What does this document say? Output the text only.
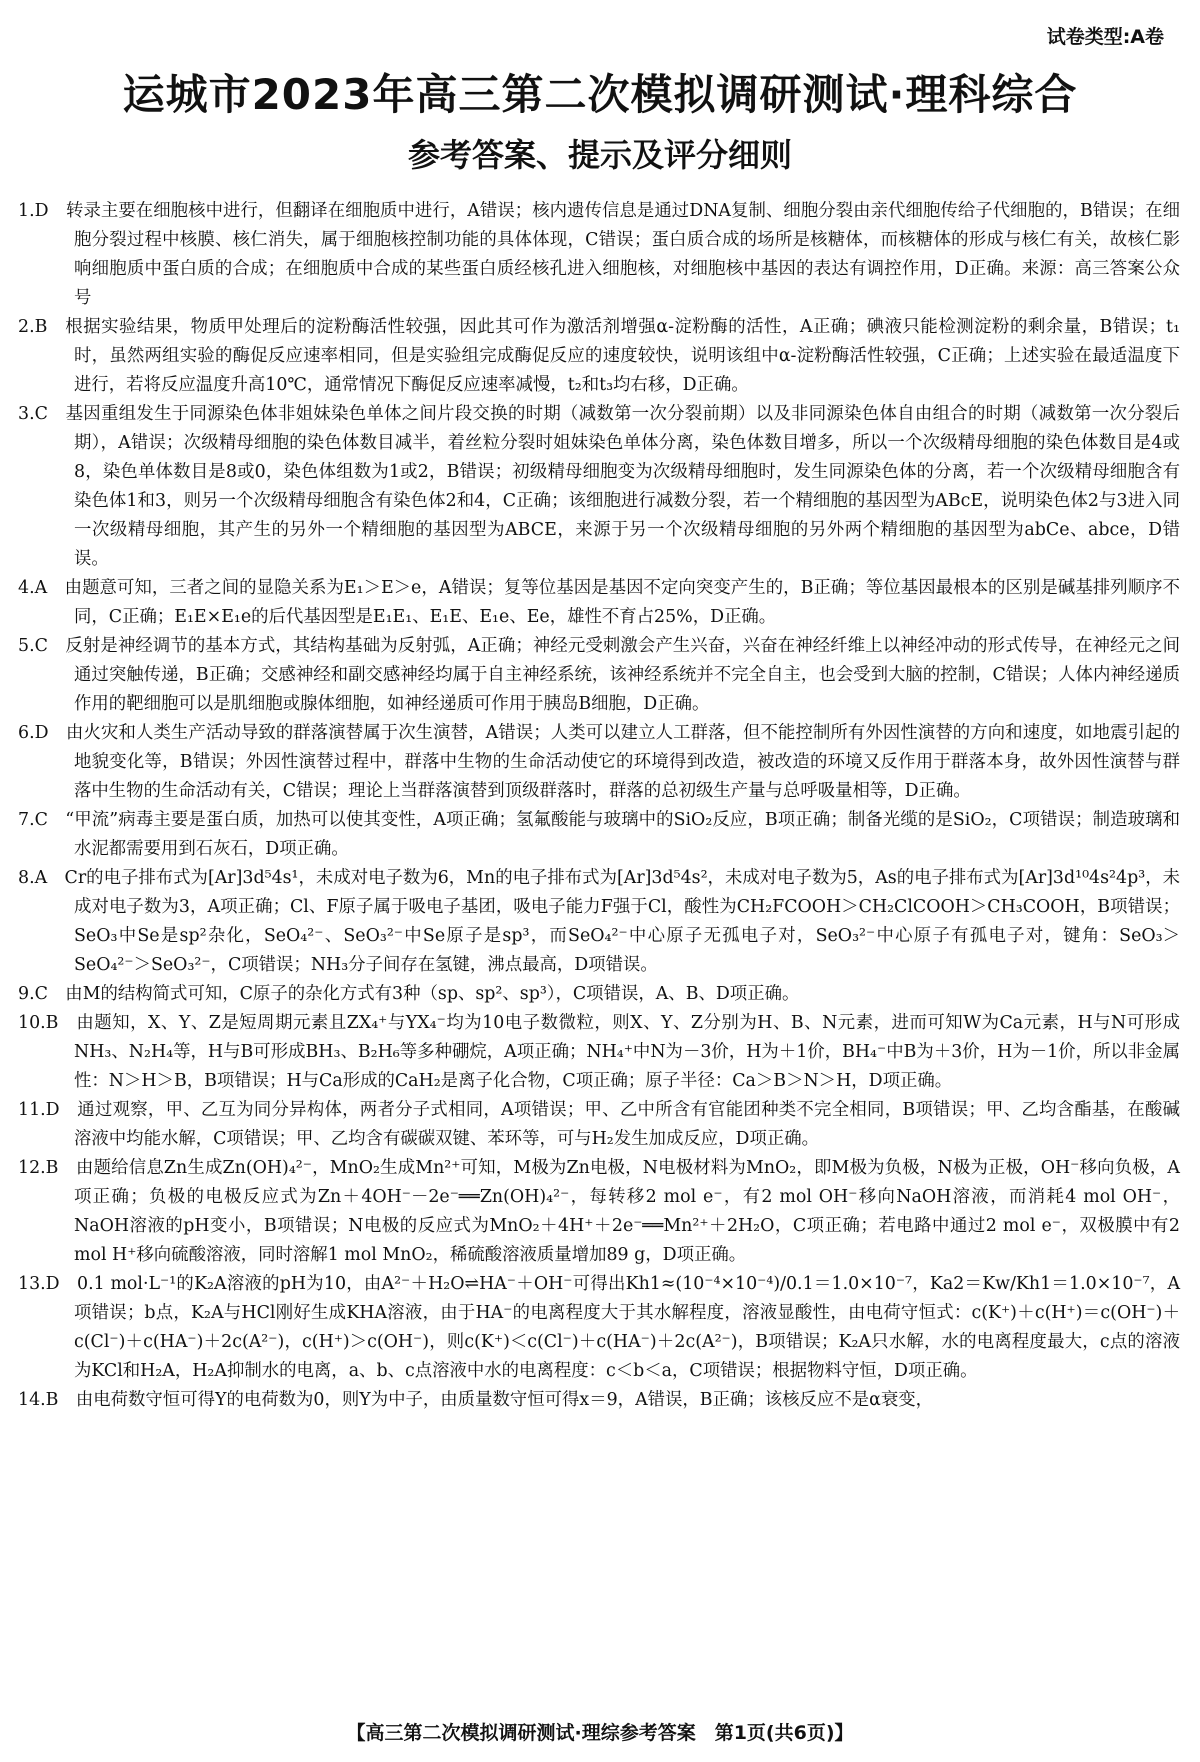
试卷类型:A卷
运城市2023年高三第二次模拟调研测试·理科综合
参考答案、提示及评分细则

1.D  转录主要在细胞核中进行，但翻译在细胞质中进行，A错误；核内遗传信息是通过DNA复制、细胞分裂由亲代细胞传给子代细胞的，B错误；在细胞分裂过程中核膜、核仁消失，属于细胞核控制功能的具体体现，C错误；蛋白质合成的场所是核糖体，而核糖体的形成与核仁有关，故核仁影响细胞质中蛋白质的合成；在细胞质中合成的某些蛋白质经核孔进入细胞核，对细胞核中基因的表达有调控作用，D正确。来源：高三答案公众号

2.B  根据实验结果，物质甲处理后的淀粉酶活性较强，因此其可作为激活剂增强α-淀粉酶的活性，A正确；碘液只能检测淀粉的剩余量，B错误；t₁时，虽然两组实验的酶促反应速率相同，但是实验组完成酶促反应的速度较快，说明该组中α-淀粉酶活性较强，C正确；上述实验在最适温度下进行，若将反应温度升高10℃，通常情况下酶促反应速率减慢，t₂和t₃均右移，D正确。

3.C  基因重组发生于同源染色体非姐妹染色单体之间片段交换的时期（减数第一次分裂前期）以及非同源染色体自由组合的时期（减数第一次分裂后期），A错误；次级精母细胞的染色体数目减半，着丝粒分裂时姐妹染色单体分离，染色体数目增多，所以一个次级精母细胞的染色体数目是4或8，染色单体数目是8或0，染色体组数为1或2，B错误；初级精母细胞变为次级精母细胞时，发生同源染色体的分离，若一个次级精母细胞含有染色体1和3，则另一个次级精母细胞含有染色体2和4，C正确；该细胞进行减数分裂，若一个精细胞的基因型为ABcE，说明染色体2与3进入同一次级精母细胞，其产生的另外一个精细胞的基因型为ABCE，来源于另一个次级精母细胞的另外两个精细胞的基因型为abCe、abce，D错误。

4.A  由题意可知，三者之间的显隐关系为E₁＞E＞e，A错误；复等位基因是基因不定向突变产生的，B正确；等位基因最根本的区别是碱基排列顺序不同，C正确；E₁E×E₁e的后代基因型是E₁E₁、E₁E、E₁e、Ee，雄性不育占25%，D正确。

5.C  反射是神经调节的基本方式，其结构基础为反射弧，A正确；神经元受刺激会产生兴奋，兴奋在神经纤维上以神经冲动的形式传导，在神经元之间通过突触传递，B正确；交感神经和副交感神经均属于自主神经系统，该神经系统并不完全自主，也会受到大脑的控制，C错误；人体内神经递质作用的靶细胞可以是肌细胞或腺体细胞，如神经递质可作用于胰岛B细胞，D正确。

6.D  由火灾和人类生产活动导致的群落演替属于次生演替，A错误；人类可以建立人工群落，但不能控制所有外因性演替的方向和速度，如地震引起的地貌变化等，B错误；外因性演替过程中，群落中生物的生命活动使它的环境得到改造，被改造的环境又反作用于群落本身，故外因性演替与群落中生物的生命活动有关，C错误；理论上当群落演替到顶级群落时，群落的总初级生产量与总呼吸量相等，D正确。

7.C  “甲流”病毒主要是蛋白质，加热可以使其变性，A项正确；氢氟酸能与玻璃中的SiO₂反应，B项正确；制备光缆的是SiO₂，C项错误；制造玻璃和水泥都需要用到石灰石，D项正确。

8.A  Cr的电子排布式为[Ar]3d⁵4s¹，未成对电子数为6，Mn的电子排布式为[Ar]3d⁵4s²，未成对电子数为5，As的电子排布式为[Ar]3d¹⁰4s²4p³，未成对电子数为3，A项正确；Cl、F原子属于吸电子基团，吸电子能力F强于Cl，酸性为CH₂FCOOH＞CH₂ClCOOH＞CH₃COOH，B项错误；SeO₃中Se是sp²杂化，SeO₄²⁻、SeO₃²⁻中Se原子是sp³，而SeO₄²⁻中心原子无孤电子对，SeO₃²⁻中心原子有孤电子对，键角：SeO₃＞SeO₄²⁻＞SeO₃²⁻，C项错误；NH₃分子间存在氢键，沸点最高，D项错误。

9.C  由M的结构简式可知，C原子的杂化方式有3种（sp、sp²、sp³），C项错误，A、B、D项正确。

10.B  由题知，X、Y、Z是短周期元素且ZX₄⁺与YX₄⁻均为10电子数微粒，则X、Y、Z分别为H、B、N元素，进而可知W为Ca元素，H与N可形成NH₃、N₂H₄等，H与B可形成BH₃、B₂H₆等多种硼烷，A项正确；NH₄⁺中N为－3价，H为＋1价，BH₄⁻中B为＋3价，H为－1价，所以非金属性：N＞H＞B，B项错误；H与Ca形成的CaH₂是离子化合物，C项正确；原子半径：Ca＞B＞N＞H，D项正确。

11.D  通过观察，甲、乙互为同分异构体，两者分子式相同，A项错误；甲、乙中所含有官能团种类不完全相同，B项错误；甲、乙均含酯基，在酸碱溶液中均能水解，C项错误；甲、乙均含有碳碳双键、苯环等，可与H₂发生加成反应，D项正确。

12.B  由题给信息Zn生成Zn(OH)₄²⁻，MnO₂生成Mn²⁺可知，M极为Zn电极，N电极材料为MnO₂，即M极为负极，N极为正极，OH⁻移向负极，A项正确；负极的电极反应式为Zn＋4OH⁻－2e⁻══Zn(OH)₄²⁻，每转移2 mol e⁻，有2 mol OH⁻移向NaOH溶液，而消耗4 mol OH⁻，NaOH溶液的pH变小，B项错误；N电极的反应式为MnO₂＋4H⁺＋2e⁻══Mn²⁺＋2H₂O，C项正确；若电路中通过2 mol e⁻，双极膜中有2 mol H⁺移向硫酸溶液，同时溶解1 mol MnO₂，稀硫酸溶液质量增加89 g，D项正确。

13.D  0.1 mol·L⁻¹的K₂A溶液的pH为10，由A²⁻＋H₂O⇌HA⁻＋OH⁻可得出Kh1≈(10⁻⁴×10⁻⁴)/0.1＝1.0×10⁻⁷，Ka2＝Kw/Kh1＝1.0×10⁻⁷，A项错误；b点，K₂A与HCl刚好生成KHA溶液，由于HA⁻的电离程度大于其水解程度，溶液显酸性，由电荷守恒式：c(K⁺)＋c(H⁺)＝c(OH⁻)＋c(Cl⁻)＋c(HA⁻)＋2c(A²⁻)，c(H⁺)＞c(OH⁻)，则c(K⁺)＜c(Cl⁻)＋c(HA⁻)＋2c(A²⁻)，B项错误；K₂A只水解，水的电离程度最大，c点的溶液为KCl和H₂A，H₂A抑制水的电离，a、b、c点溶液中水的电离程度：c＜b＜a，C项错误；根据物料守恒，D项正确。

14.B  由电荷数守恒可得Y的电荷数为0，则Y为中子，由质量数守恒可得x＝9，A错误，B正确；该核反应不是α衰变，

【高三第二次模拟调研测试·理综参考答案　第1页(共6页)】
